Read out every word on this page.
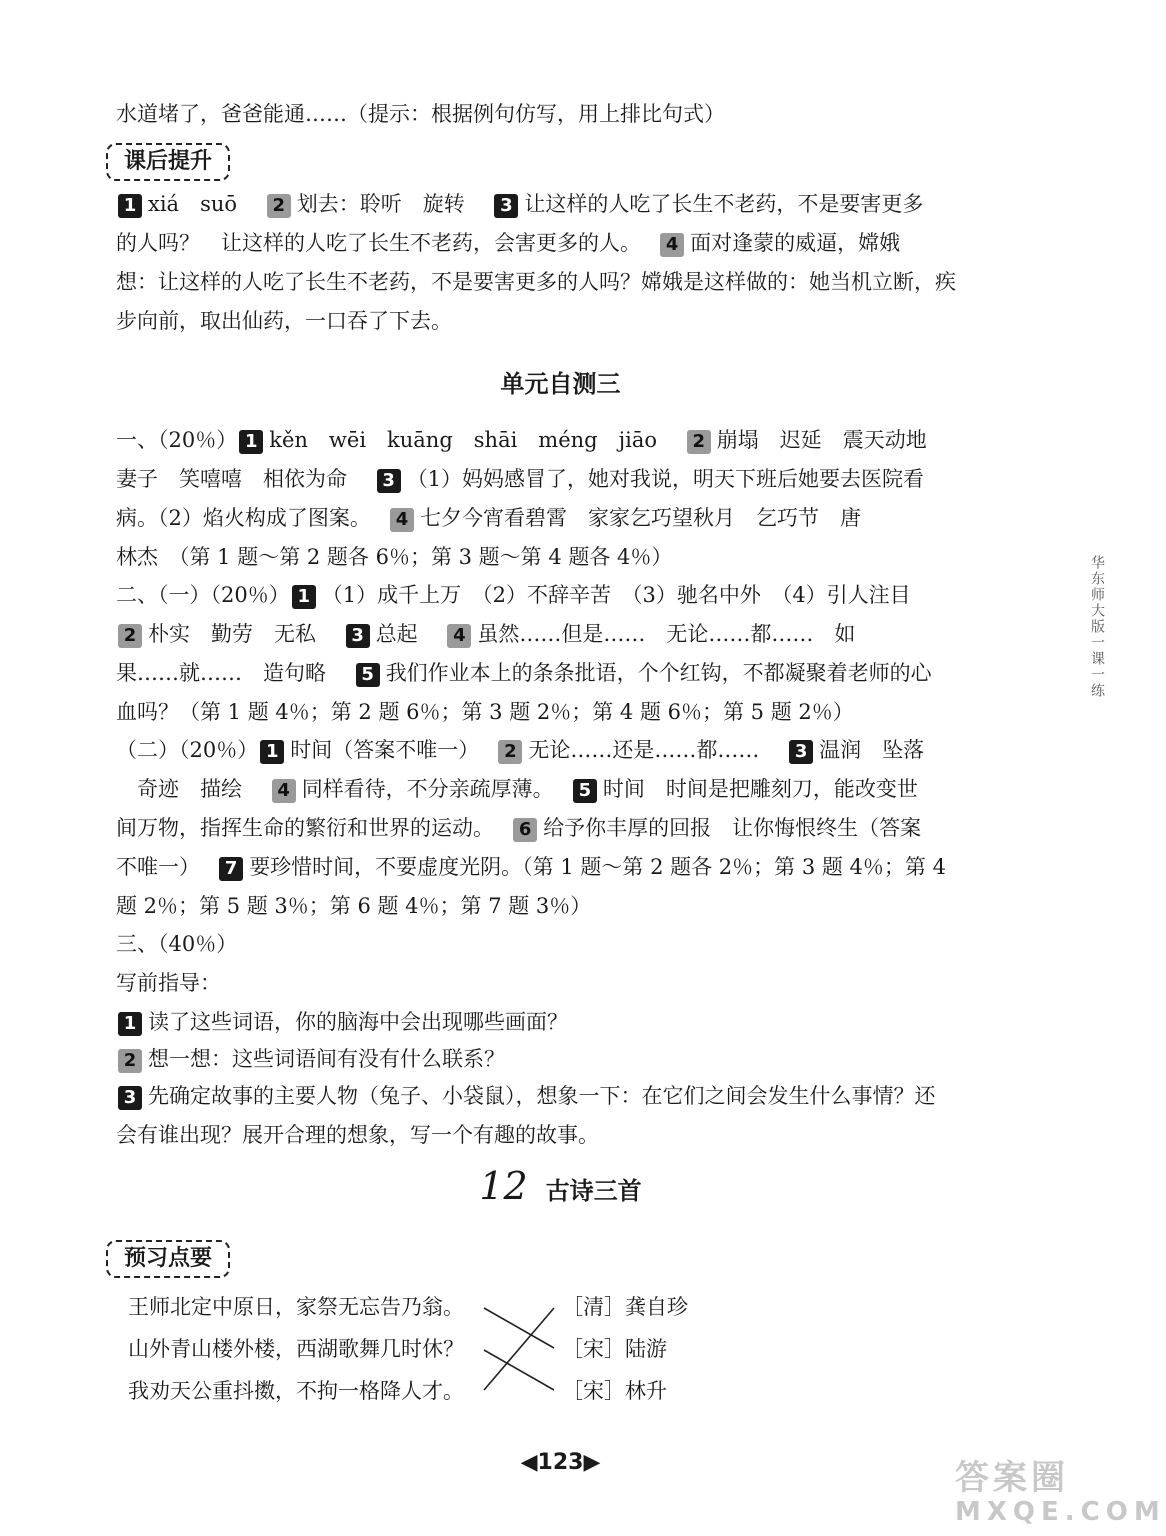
水道堵了，爸爸能通……（提示：根据例句仿写，用上排比句式）
课后提升
1 xiá　suō　 2 划去：聆听　旋转　 3 让这样的人吃了长生不老药，不是要害更多
的人吗？　让这样的人吃了长生不老药，会害更多的人。　 4 面对逢蒙的威逼，嫦娥
想：让这样的人吃了长生不老药，不是要害更多的人吗？嫦娥是这样做的：她当机立断，疾
步向前，取出仙药，一口吞了下去。
单元自测三
一、（20％） 1 kěn　wēi　kuāng　shāi　méng　jiāo　 2 崩塌　迟延　震天动地
妻子　笑嘻嘻　相依为命　 3 （1）妈妈感冒了，她对我说，明天下班后她要去医院看
病。（2）焰火构成了图案。　 4 七夕今宵看碧霄　家家乞巧望秋月　乞巧节　唐
林杰　（第 1 题～第 2 题各 6％；第 3 题～第 4 题各 4％）
二、（一）（20％） 1 （1）成千上万　（2）不辞辛苦　（3）驰名中外　（4）引人注目
2 朴实　勤劳　无私　 3 总起　 4 虽然……但是……　无论……都……　如
果……就……　造句略　 5 我们作业本上的条条批语，个个红钩，不都凝聚着老师的心
血吗？（第 1 题 4％；第 2 题 6％；第 3 题 2％；第 4 题 6％；第 5 题 2％）
（二）（20％） 1 时间（答案不唯一）　 2 无论……还是……都……　 3 温润　坠落
　奇迹　描绘　 4 同样看待，不分亲疏厚薄。　 5 时间　时间是把雕刻刀，能改变世
间万物，指挥生命的繁衍和世界的运动。　 6 给予你丰厚的回报　让你悔恨终生（答案
不唯一）　 7 要珍惜时间，不要虚度光阴。（第 1 题～第 2 题各 2％；第 3 题 4％；第 4
题 2％；第 5 题 3％；第 6 题 4％；第 7 题 3％）
三、（40％）
写前指导：
1 读了这些词语，你的脑海中会出现哪些画面？
2 想一想：这些词语间有没有什么联系？
3 先确定故事的主要人物（兔子、小袋鼠），想象一下：在它们之间会发生什么事情？还
会有谁出现？展开合理的想象，写一个有趣的故事。
12 古诗三首
预习点要
王师北定中原日，家祭无忘告乃翁。
山外青山楼外楼，西湖歌舞几时休？
我劝天公重抖擞，不拘一格降人才。
［清］龚自珍
［宋］陆游
［宋］林升
华东师大版一课一练
◀123▶	答案圈
MXQE.COM
